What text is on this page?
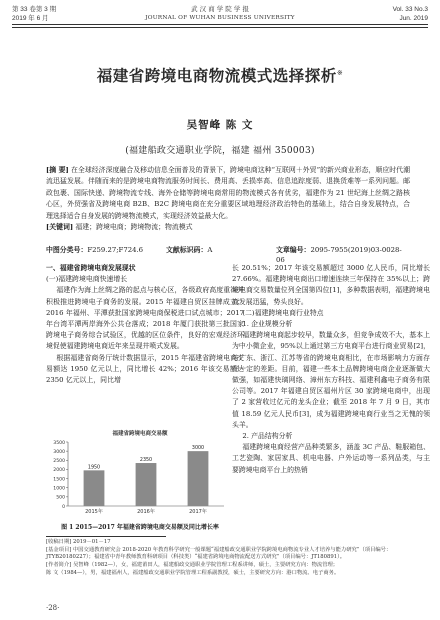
第 33 卷第 3 期
2019 年 6 月
武 汉 商 学 院 学 报
JOURNAL OF WUHAN BUSINESS UNIVERSITY
Vol. 33 No.3
Jun. 2019
福建省跨境电商物流模式选择探析※
吴智峰 陈 文
(福建船政交通职业学院，福建 福州 350003)
[摘 要] 在全球经济深度融合及移动信息全面普及的背景下，跨境电商这种“互联网＋外贸”的新兴商业形态，顺应时代潮流迅猛发展。伴随而来的是跨境电商物流服务时间长、费用高、丢损率高、信息追踪度弱、退换货难等一系列问题。邮政包裹、国际快递、跨境物流专线、海外仓储等跨境电商常用的物流模式各有优劣，福建作为 21 世纪海上丝绸之路核心区，外贸强省及跨境电商 B2B、B2C 跨境电商在充分重要区域地理经济政治特色的基础上，结合自身发展特点，合理选择适合自身发展的跨境物流模式，实现经济效益最大化。
[关键词] 福建；跨境电商；跨境物流；物流模式
中图分类号：F259.27;F724.6	文献标识码：A	文章编号：2095-7955(2019)03-0028-06

一、福建省跨境电商发展现状

(一)福建跨境电商快速增长

福建作为海上丝绸之路的起点与核心区，各级政府高度重视并积极推进跨境电子商务的发展。2015 年福建自贸区挂牌成立；2016 年福州、平潭获批国家跨境电商保税进口试点城市；2017 年台湾平潭两岸海外公共仓落成；2018 年厦门获批第三批国家跨境电子商务综合试验区，优越的区位条件，良好的宏观经济环境促使福建跨境电商近年来呈现井喷式发展。

根据福建省商务厅统计数据显示，2015 年福建省跨境电商交易额达 1950 亿元以上，同比增长 42%；2016 年该交易额达 2350 亿元以上，同比增

福建省跨境电商交易额
0
500
1000
1500
2000
2500
3000
3500
1950
2015年
2350
2016年
3000
2017年
图 1 2015—2017 年福建省跨境电商交易额及同比增长率

长 20.51%；2017 年该交易额超过 3000 亿人民币，同比增长 27.66%。福建跨境电商出口增速连续三年保持在 35%以上；跨境电商交易数量位列全国第四位[1]，多种数据表明，福建跨境电商发展迅猛，势头良好。

(二)福建跨境电商行业特点

1. 企业规模分析

福建跨境电商起步较早，数量众多，但竞争成效不大，基本上为中小微企业，95%以上通过第三方电商平台进行商业贸易[2]，与广东、浙江、江苏等省的跨境电商相比，在市场影响力方面存在一定的差距。目前，福建一些本土品牌跨境电商企业逐渐做大做强，如福建快璃网络、漳州东方科技、福建利鑫电子商务有限公司等。2017 年福建自贸区福州片区 30 家跨境电商中，出现了 2 家营收过亿元的龙头企业；截至 2018 年 7 月 9 日，其市值 18.59 亿元人民币[3]，成为福建跨境电商行业当之无愧的领头羊。

2. 产品结构分析

福建跨境电商经营产品种类繁多，涵盖 3C 产品、鞋服箱包、工艺瓷陶、家居家具、机电电器、户外运动等一系列品类，与主要跨境电商平台上的热销

[收稿日期] 2019－01－17

[基金项目] 中国交通教育研究会 2018-2020 年教育科学研究一般课题“福建船政交通职业学院跨境电商物流专业人才培养与能力研究”（项目编号：JTYB20180227）；福建省中青年教师教育科研项目（科技类）“福建省跨境电商物流配送方式研究”（项目编号：JT180891）。

[作者简介] 吴智峰（1982—），女，福建莆田人，福建船政交通职业学院管理工程系讲师，硕士，主要研究方向：物流管理；

陈 文（1984—），男，福建福州人，福建船政交通职业学院管理工程系副教授，硕士，主要研究方向：港口物流、电子商务。

·28·
